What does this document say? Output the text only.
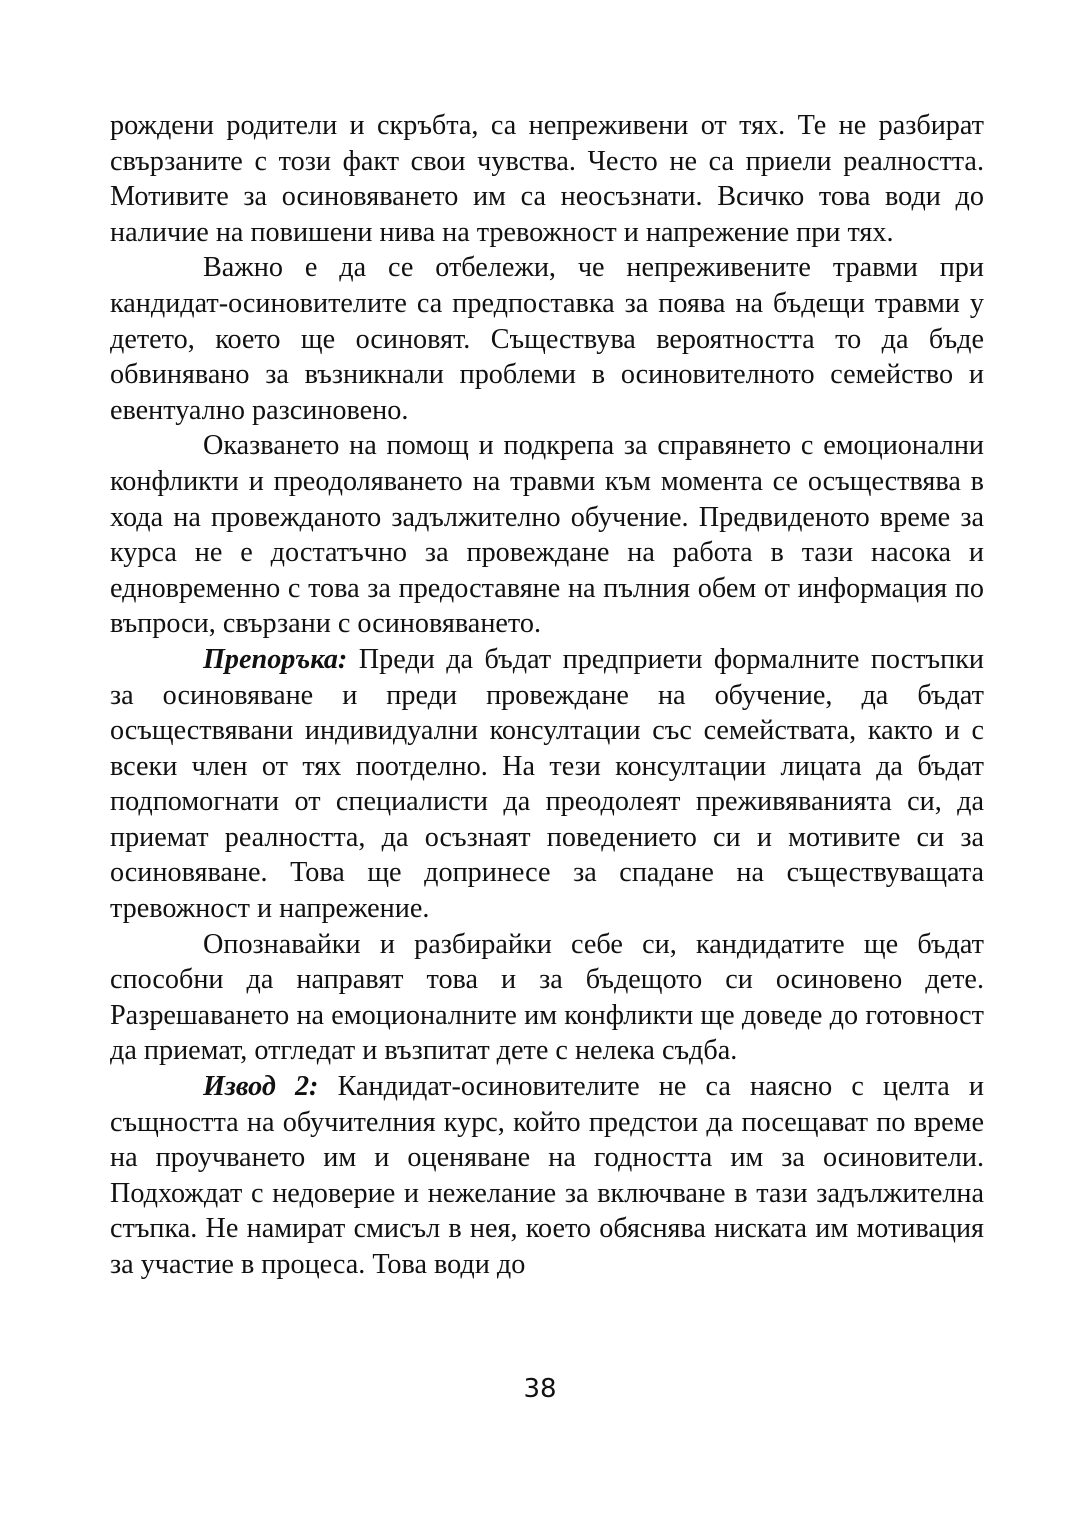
рождени родители и скръбта, са непреживени от тях. Те не разбират свързаните с този факт свои чувства. Често не са приели реалността. Мотивите за осиновяването им са неосъзнати. Всичко това води до наличие на повишени нива на тревожност и напрежение при тях.

Важно е да се отбележи, че непреживените травми при кандидат-осиновителите са предпоставка за поява на бъдещи травми у детето, което ще осиновят. Съществува вероятността то да бъде обвинявано за възникнали проблеми в осиновителното семейство и евентуално разсиновено.

Оказването на помощ и подкрепа за справянето с емоционални конфликти и преодоляването на травми към момента се осъществява в хода на провежданото задължително обучение. Предвиденото време за курса не е достатъчно за провеждане на работа в тази насока и едновременно с това за предоставяне на пълния обем от информация по въпроси, свързани с осиновяването.

Препоръка: Преди да бъдат предприети формалните постъпки за осиновяване и преди провеждане на обучение, да бъдат осъществявани индивидуални консултации със семействата, както и с всеки член от тях поотделно. На тези консултации лицата да бъдат подпомогнати от специалисти да преодолеят преживяванията си, да приемат реалността, да осъзнаят поведението си и мотивите си за осиновяване. Това ще допринесе за спадане на съществуващата тревожност и напрежение.

Опознавайки и разбирайки себе си, кандидатите ще бъдат способни да направят това и за бъдещото си осиновено дете. Разрешаването на емоционалните им конфликти ще доведе до готовност да приемат, отгледат и възпитат дете с нелека съдба.

Извод 2: Кандидат-осиновителите не са наясно с целта и същността на обучителния курс, който предстои да посещават по време на проучването им и оценяване на годността им за осиновители. Подхождат с недоверие и нежелание за включване в тази задължителна стъпка. Не намират смисъл в нея, което обяснява ниската им мотивация за участие в процеса. Това води до

38
